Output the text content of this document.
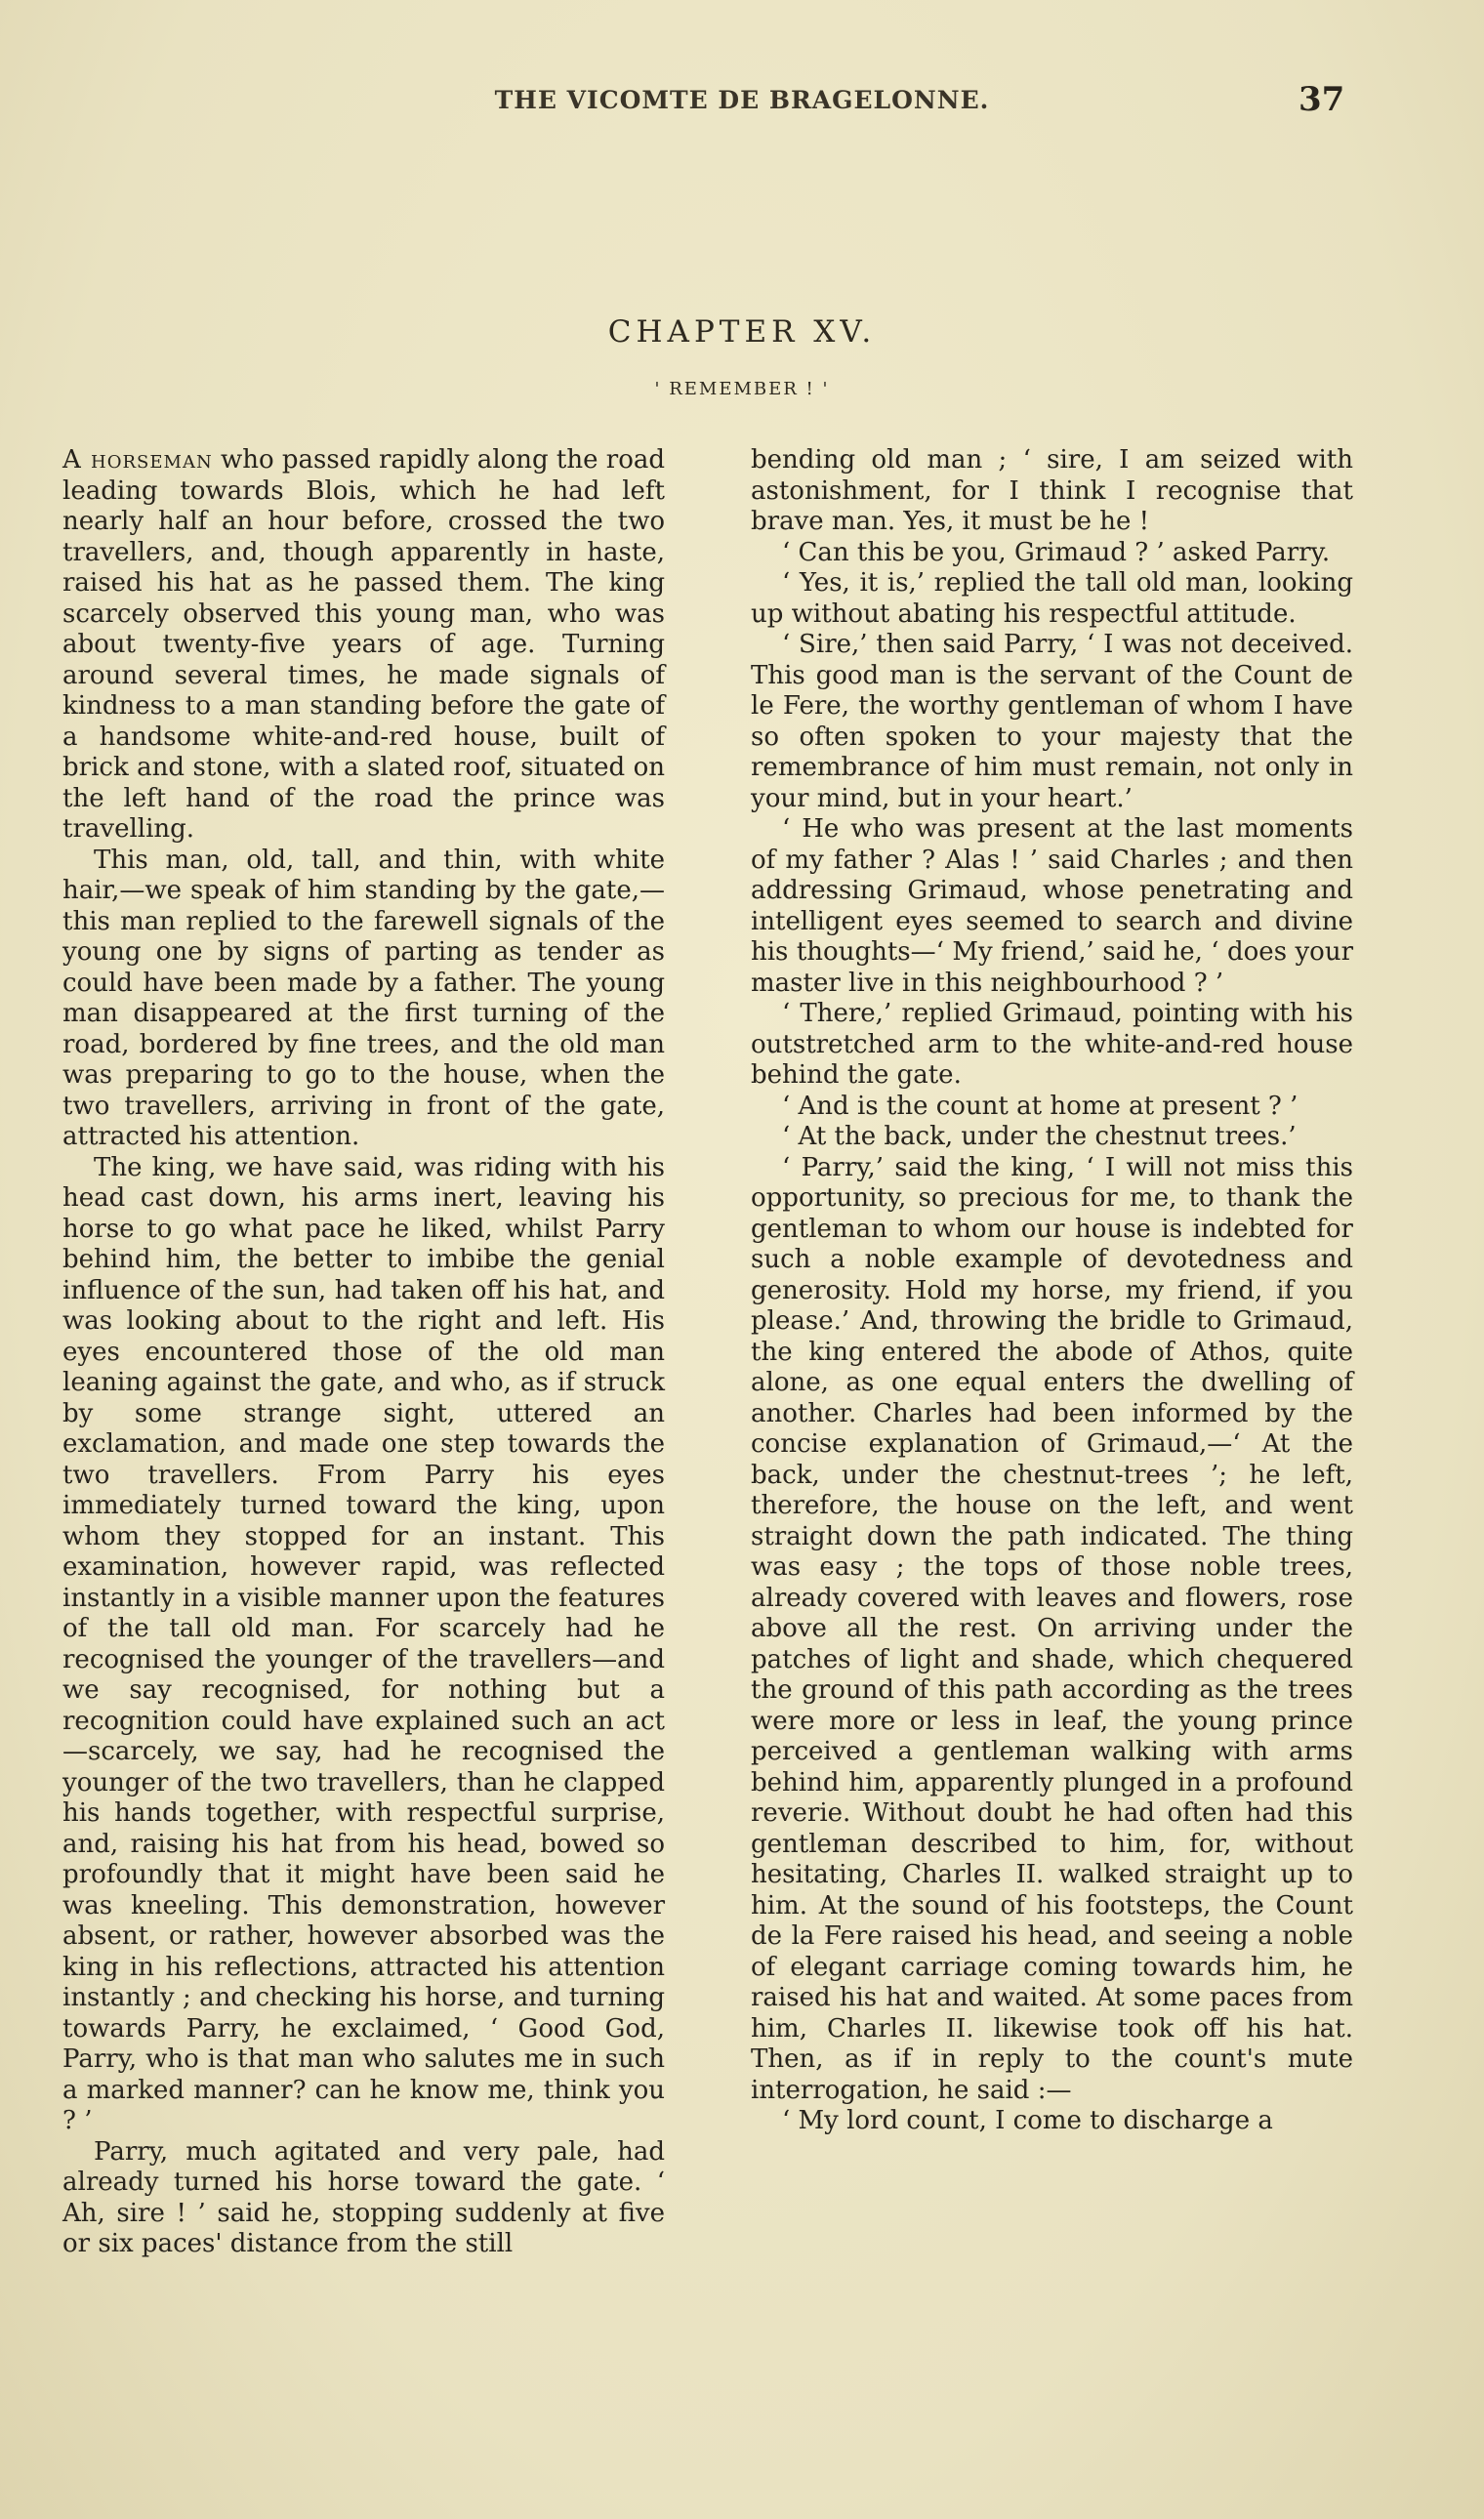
THE VICOMTE DE BRAGELONNE.	37
CHAPTER XV.
' REMEMBER ! '

A horseman who passed rapidly along the road leading towards Blois, which he had left nearly half an hour before, crossed the two travellers, and, though apparently in haste, raised his hat as he passed them. The king scarcely observed this young man, who was about twenty-five years of age. Turning around several times, he made signals of kindness to a man standing before the gate of a handsome white-and-red house, built of brick and stone, with a slated roof, situated on the left hand of the road the prince was travelling.

This man, old, tall, and thin, with white hair,—we speak of him standing by the gate,—this man replied to the farewell signals of the young one by signs of parting as tender as could have been made by a father. The young man disappeared at the first turning of the road, bordered by fine trees, and the old man was preparing to go to the house, when the two travellers, arriving in front of the gate, attracted his attention.

The king, we have said, was riding with his head cast down, his arms inert, leaving his horse to go what pace he liked, whilst Parry behind him, the better to imbibe the genial influence of the sun, had taken off his hat, and was looking about to the right and left. His eyes encountered those of the old man leaning against the gate, and who, as if struck by some strange sight, uttered an exclamation, and made one step towards the two travellers. From Parry his eyes immediately turned toward the king, upon whom they stopped for an instant. This examination, however rapid, was reflected instantly in a visible manner upon the features of the tall old man. For scarcely had he recognised the younger of the travellers—and we say recognised, for nothing but a recognition could have explained such an act—scarcely, we say, had he recognised the younger of the two travellers, than he clapped his hands together, with respectful surprise, and, raising his hat from his head, bowed so profoundly that it might have been said he was kneeling. This demonstration, however absent, or rather, however absorbed was the king in his reflections, attracted his attention instantly ; and checking his horse, and turning towards Parry, he exclaimed, ‘ Good God, Parry, who is that man who salutes me in such a marked manner? can he know me, think you ? ’

Parry, much agitated and very pale, had already turned his horse toward the gate. ‘ Ah, sire ! ’ said he, stopping suddenly at five or six paces' distance from the still

bending old man ; ‘ sire, I am seized with astonishment, for I think I recognise that brave man. Yes, it must be he !

‘ Can this be you, Grimaud ? ’ asked Parry.

‘ Yes, it is,’ replied the tall old man, looking up without abating his respectful attitude.

‘ Sire,’ then said Parry, ‘ I was not deceived. This good man is the servant of the Count de le Fere, the worthy gentleman of whom I have so often spoken to your majesty that the remembrance of him must remain, not only in your mind, but in your heart.’

‘ He who was present at the last moments of my father ? Alas ! ’ said Charles ; and then addressing Grimaud, whose penetrating and intelligent eyes seemed to search and divine his thoughts—‘ My friend,’ said he, ‘ does your master live in this neighbourhood ? ’

‘ There,’ replied Grimaud, pointing with his outstretched arm to the white-and-red house behind the gate.

‘ And is the count at home at present ? ’

‘ At the back, under the chestnut trees.’

‘ Parry,’ said the king, ‘ I will not miss this opportunity, so precious for me, to thank the gentleman to whom our house is indebted for such a noble example of devotedness and generosity. Hold my horse, my friend, if you please.’ And, throwing the bridle to Grimaud, the king entered the abode of Athos, quite alone, as one equal enters the dwelling of another. Charles had been informed by the concise explanation of Grimaud,—‘ At the back, under the chestnut-trees ’; he left, therefore, the house on the left, and went straight down the path indicated. The thing was easy ; the tops of those noble trees, already covered with leaves and flowers, rose above all the rest. On arriving under the patches of light and shade, which chequered the ground of this path according as the trees were more or less in leaf, the young prince perceived a gentleman walking with arms behind him, apparently plunged in a profound reverie. Without doubt he had often had this gentleman described to him, for, without hesitating, Charles II. walked straight up to him. At the sound of his footsteps, the Count de la Fere raised his head, and seeing a noble of elegant carriage coming towards him, he raised his hat and waited. At some paces from him, Charles II. likewise took off his hat. Then, as if in reply to the count's mute interrogation, he said :—

‘ My lord count, I come to discharge a
